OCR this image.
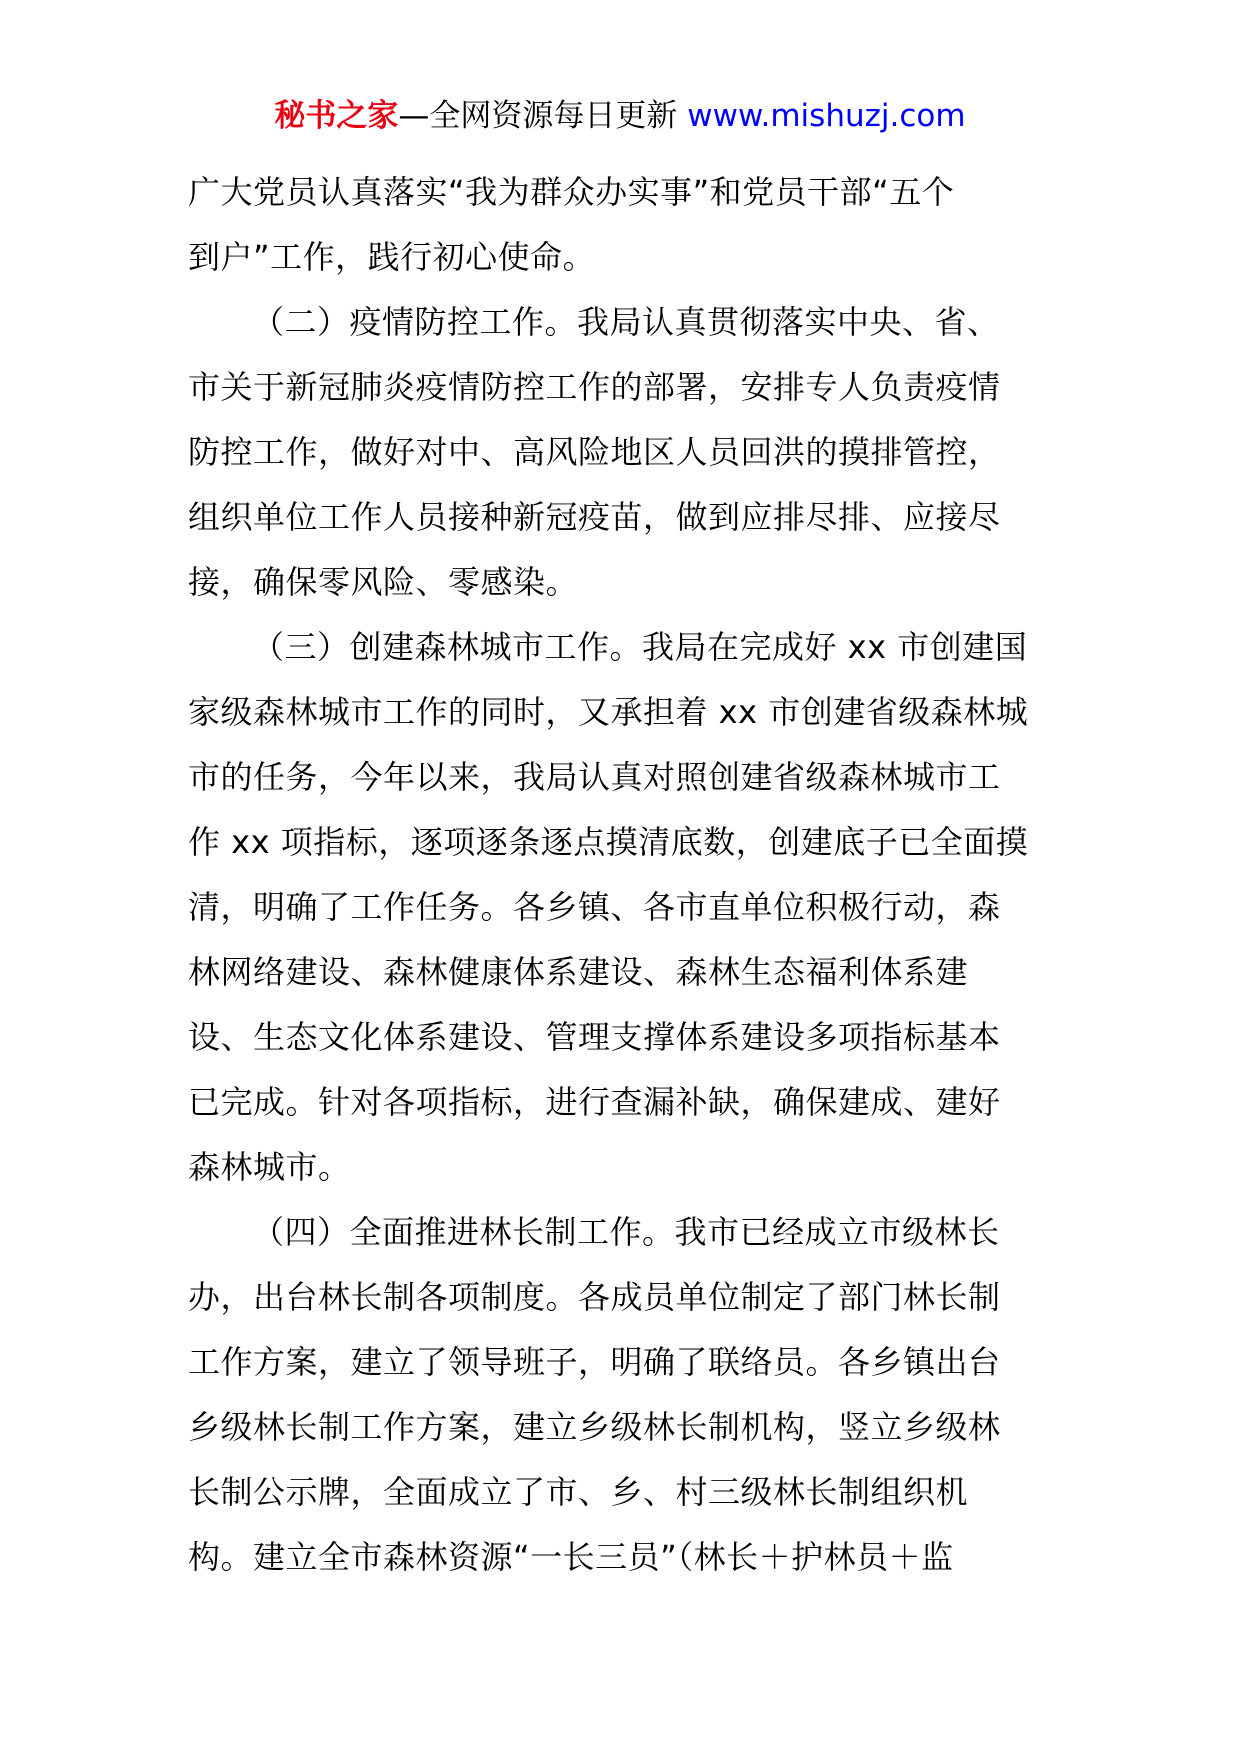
秘书之家—全网资源每日更新 www.mishuzj.com
广大党员认真落实“我为群众办实事”和党员干部“五个
到户”工作，践行初心使命。
（二）疫情防控工作。我局认真贯彻落实中央、省、
市关于新冠肺炎疫情防控工作的部署，安排专人负责疫情
防控工作，做好对中、高风险地区人员回洪的摸排管控，
组织单位工作人员接种新冠疫苗，做到应排尽排、应接尽
接，确保零风险、零感染。
（三）创建森林城市工作。我局在完成好 xx 市创建国
家级森林城市工作的同时，又承担着 xx 市创建省级森林城
市的任务，今年以来，我局认真对照创建省级森林城市工
作 xx 项指标，逐项逐条逐点摸清底数，创建底子已全面摸
清，明确了工作任务。各乡镇、各市直单位积极行动，森
林网络建设、森林健康体系建设、森林生态福利体系建
设、生态文化体系建设、管理支撑体系建设多项指标基本
已完成。针对各项指标，进行查漏补缺，确保建成、建好
森林城市。
（四）全面推进林长制工作。我市已经成立市级林长
办，出台林长制各项制度。各成员单位制定了部门林长制
工作方案，建立了领导班子，明确了联络员。各乡镇出台
乡级林长制工作方案，建立乡级林长制机构，竖立乡级林
长制公示牌，全面成立了市、乡、村三级林长制组织机
构。建立全市森林资源“一长三员”（林长＋护林员＋监
